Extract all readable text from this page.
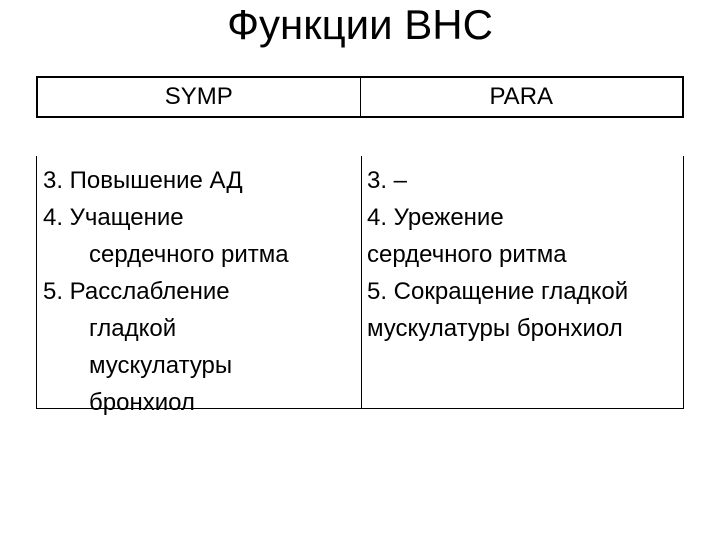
Функции ВНС
SYMP	PARA
3. Повышение АД
4. Учащение
сердечного ритма
5. Расслабление
гладкой
мускулатуры
бронхиол
3. –
4. Урежение
сердечного ритма
5. Сокращение гладкой
мускулатуры бронхиол
